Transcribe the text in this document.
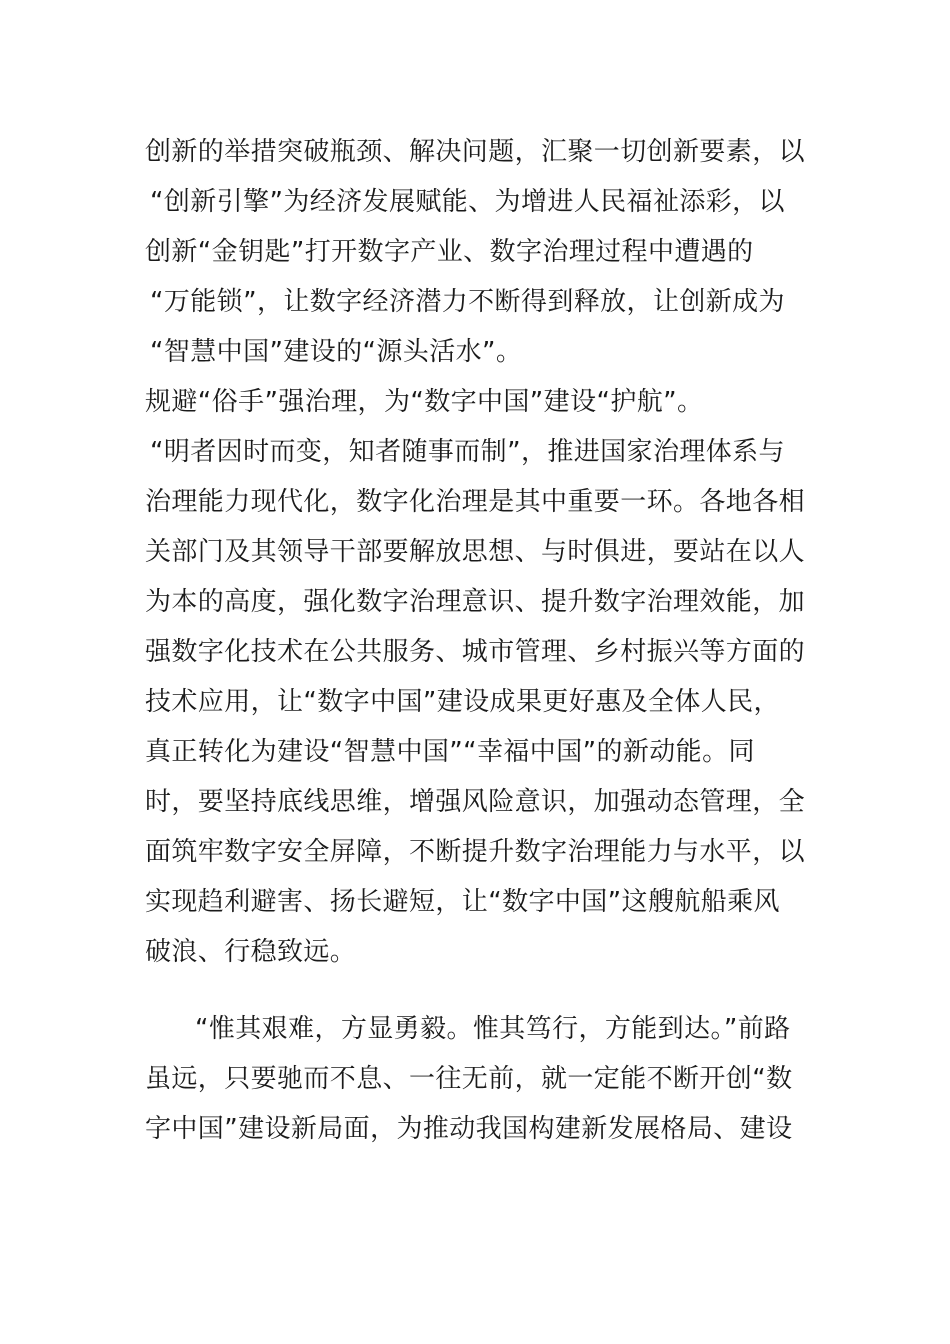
创新的举措突破瓶颈、解决问题，汇聚一切创新要素，以
“创新引擎”为经济发展赋能、为增进人民福祉添彩，以
创新“金钥匙”打开数字产业、数字治理过程中遭遇的
“万能锁”，让数字经济潜力不断得到释放，让创新成为
“智慧中国”建设的“源头活水”。
规避“俗手”强治理，为“数字中国”建设“护航”。
“明者因时而变，知者随事而制”，推进国家治理体系与
治理能力现代化，数字化治理是其中重要一环。各地各相
关部门及其领导干部要解放思想、与时俱进，要站在以人
为本的高度，强化数字治理意识、提升数字治理效能，加
强数字化技术在公共服务、城市管理、乡村振兴等方面的
技术应用，让“数字中国”建设成果更好惠及全体人民，
真正转化为建设“智慧中国”“幸福中国”的新动能。同
时，要坚持底线思维，增强风险意识，加强动态管理，全
面筑牢数字安全屏障，不断提升数字治理能力与水平，以
实现趋利避害、扬长避短，让“数字中国”这艘航船乘风
破浪、行稳致远。
“惟其艰难，方显勇毅。惟其笃行，方能到达。”前路
虽远，只要驰而不息、一往无前，就一定能不断开创“数
字中国”建设新局面，为推动我国构建新发展格局、建设
